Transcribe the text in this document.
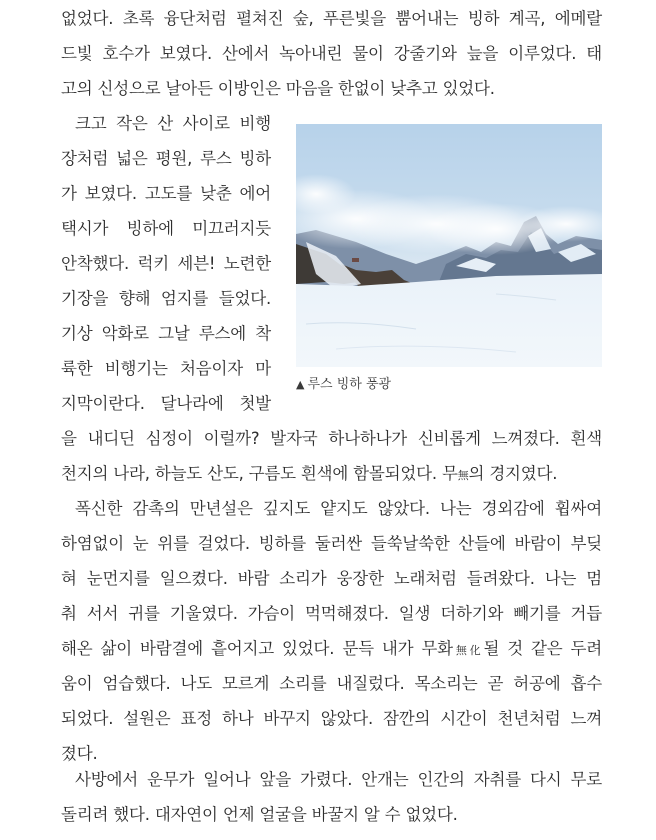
없었다. 초록 융단처럼 펼쳐진 숲, 푸른빛을 뿜어내는 빙하 계곡, 에메랄
드빛 호수가 보였다. 산에서 녹아내린 물이 강줄기와 늪을 이루었다. 태
고의 신성으로 날아든 이방인은 마음을 한없이 낮추고 있었다.
크고 작은 산 사이로 비행
장처럼 넓은 평원, 루스 빙하
가 보였다. 고도를 낮춘 에어
택시가 빙하에 미끄러지듯
안착했다. 럭키 세븐! 노련한
기장을 향해 엄지를 들었다.
기상 악화로 그날 루스에 착
륙한 비행기는 처음이자 마
지막이란다. 달나라에 첫발
을 내디딘 심정이 이럴까? 발자국 하나하나가 신비롭게 느껴졌다. 흰색
천지의 나라, 하늘도 산도, 구름도 흰색에 함몰되었다. 무無의 경지였다.
폭신한 감촉의 만년설은 깊지도 얕지도 않았다. 나는 경외감에 휩싸여
하염없이 눈 위를 걸었다. 빙하를 둘러싼 들쑥날쑥한 산들에 바람이 부딪
혀 눈먼지를 일으켰다. 바람 소리가 웅장한 노래처럼 들려왔다. 나는 멈
춰 서서 귀를 기울였다. 가슴이 먹먹해졌다. 일생 더하기와 빼기를 거듭
해온 삶이 바람결에 흩어지고 있었다. 문득 내가 무화無化될 것 같은 두려
움이 엄습했다. 나도 모르게 소리를 내질렀다. 목소리는 곧 허공에 흡수
되었다. 설원은 표정 하나 바꾸지 않았다. 잠깐의 시간이 천년처럼 느껴
졌다.
사방에서 운무가 일어나 앞을 가렸다. 안개는 인간의 자취를 다시 무로
돌리려 했다. 대자연이 언제 얼굴을 바꿀지 알 수 없었다.
▲ 루스 빙하 풍광
